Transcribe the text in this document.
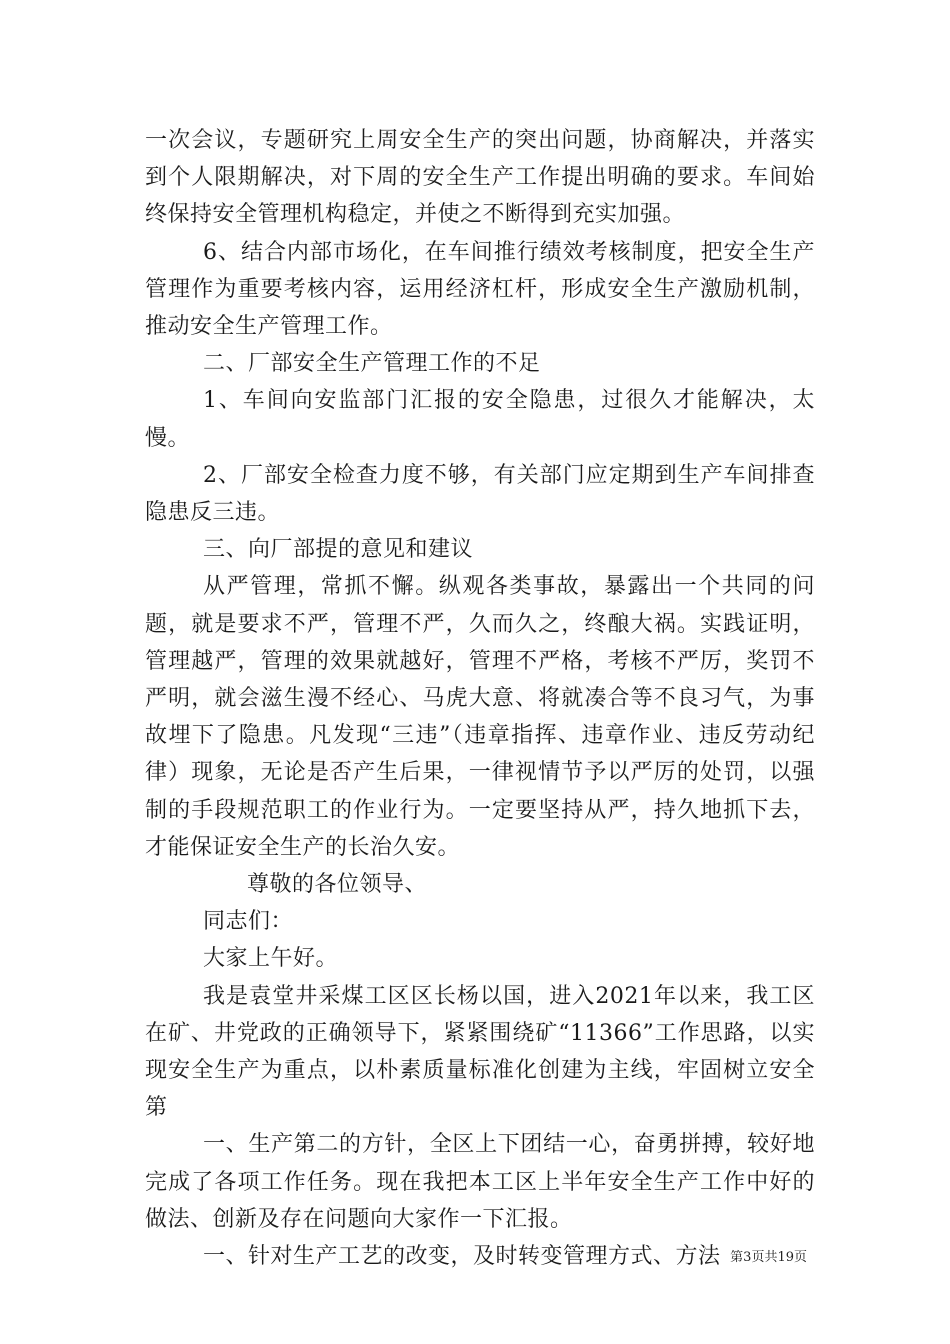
一次会议，专题研究上周安全生产的突出问题，协商解决，并落实到个人限期解决，对下周的安全生产工作提出明确的要求。车间始终保持安全管理机构稳定，并使之不断得到充实加强。

6、结合内部市场化，在车间推行绩效考核制度，把安全生产管理作为重要考核内容，运用经济杠杆，形成安全生产激励机制，推动安全生产管理工作。

二、厂部安全生产管理工作的不足

1、车间向安监部门汇报的安全隐患，过很久才能解决，太慢。

2、厂部安全检查力度不够，有关部门应定期到生产车间排查隐患反三违。

三、向厂部提的意见和建议

从严管理，常抓不懈。纵观各类事故，暴露出一个共同的问题，就是要求不严，管理不严，久而久之，终酿大祸。实践证明，管理越严，管理的效果就越好，管理不严格，考核不严厉，奖罚不严明，就会滋生漫不经心、马虎大意、将就凑合等不良习气，为事故埋下了隐患。凡发现“三违”（违章指挥、违章作业、违反劳动纪律）现象，无论是否产生后果，一律视情节予以严厉的处罚，以强制的手段规范职工的作业行为。一定要坚持从严，持久地抓下去，才能保证安全生产的长治久安。

尊敬的各位领导、

同志们：

大家上午好。

我是袁堂井采煤工区区长杨以国，进入2021年以来，我工区在矿、井党政的正确领导下，紧紧围绕矿“11366”工作思路，以实现安全生产为重点，以朴素质量标准化创建为主线，牢固树立安全第

一、生产第二的方针，全区上下团结一心，奋勇拼搏，较好地完成了各项工作任务。现在我把本工区上半年安全生产工作中好的做法、创新及存在问题向大家作一下汇报。

一、针对生产工艺的改变，及时转变管理方式、方法 第3页共19页
